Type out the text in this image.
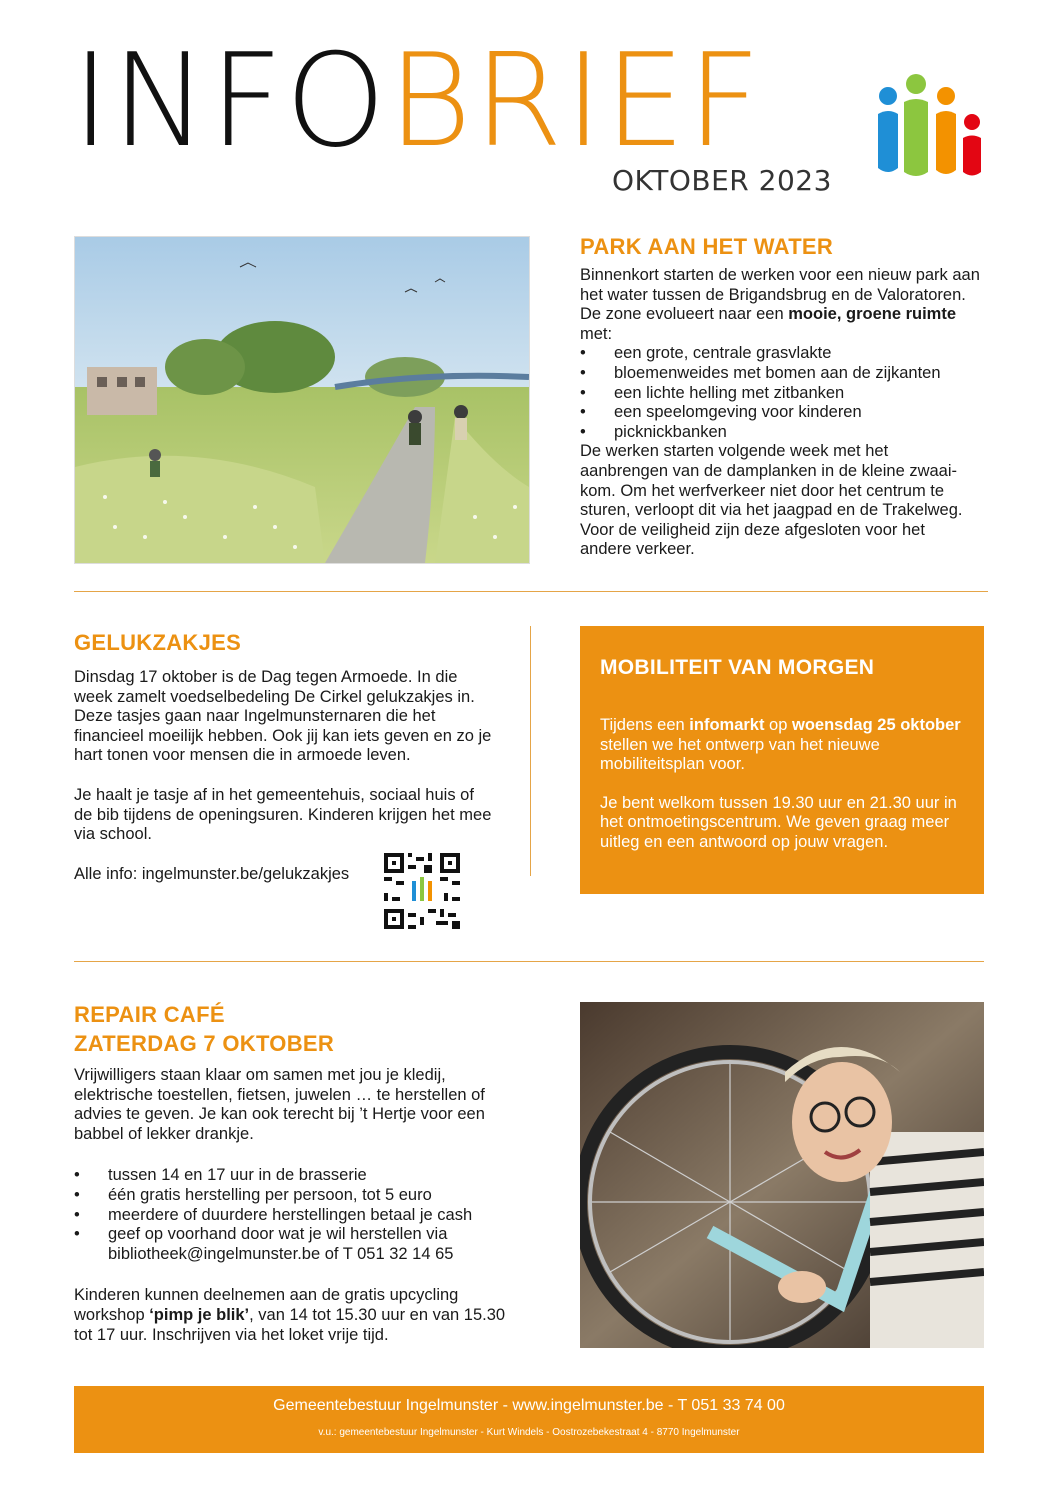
INFOBRIEF
OKTOBER 2023
PARK AAN HET WATER
Binnenkort starten de werken voor een nieuw park aan het water tussen de Brigandsbrug en de Valoratoren. De zone evolueert naar een mooie, groene ruimte met:
• een grote, centrale grasvlakte
• bloemenweides met bomen aan de zijkanten
• een lichte helling met zitbanken
• een speelomgeving voor kinderen
• picknickbanken
De werken starten volgende week met het aanbrengen van de damplanken in de kleine zwaai-kom. Om het werfverkeer niet door het centrum te sturen, verloopt dit via het jaagpad en de Trakelweg. Voor de veiligheid zijn deze afgesloten voor het andere verkeer.
GELUKZAKJES
Dinsdag 17 oktober is de Dag tegen Armoede. In die week zamelt voedselbedeling De Cirkel gelukzakjes in. Deze tasjes gaan naar Ingelmunsternaren die het financieel moeilijk hebben. Ook jij kan iets geven en zo je hart tonen voor mensen die in armoede leven.
Je haalt je tasje af in het gemeentehuis, sociaal huis of de bib tijdens de openingsuren. Kinderen krijgen het mee via school.
Alle info: ingelmunster.be/gelukzakjes
MOBILITEIT VAN MORGEN
Tijdens een infomarkt op woensdag 25 oktober stellen we het ontwerp van het nieuwe mobiliteitsplan voor.
Je bent welkom tussen 19.30 uur en 21.30 uur in het ontmoetingscentrum. We geven graag meer uitleg en een antwoord op jouw vragen.
REPAIR CAFÉ
ZATERDAG 7 OKTOBER
Vrijwilligers staan klaar om samen met jou je kledij, elektrische toestellen, fietsen, juwelen … te herstellen of advies te geven. Je kan ook terecht bij ’t Hertje voor een babbel of lekker drankje.
• tussen 14 en 17 uur in de brasserie
• één gratis herstelling per persoon, tot 5 euro
• meerdere of duurdere herstellingen betaal je cash
• geef op voorhand door wat je wil herstellen via bibliotheek@ingelmunster.be of T 051 32 14 65
Kinderen kunnen deelnemen aan de gratis upcycling workshop ‘pimp je blik’, van 14 tot 15.30 uur en van 15.30 tot 17 uur. Inschrijven via het loket vrije tijd.
Gemeentebestuur Ingelmunster - www.ingelmunster.be - T 051 33 74 00
v.u.: gemeentebestuur Ingelmunster - Kurt Windels - Oostrozebekestraat 4 - 8770 Ingelmunster
